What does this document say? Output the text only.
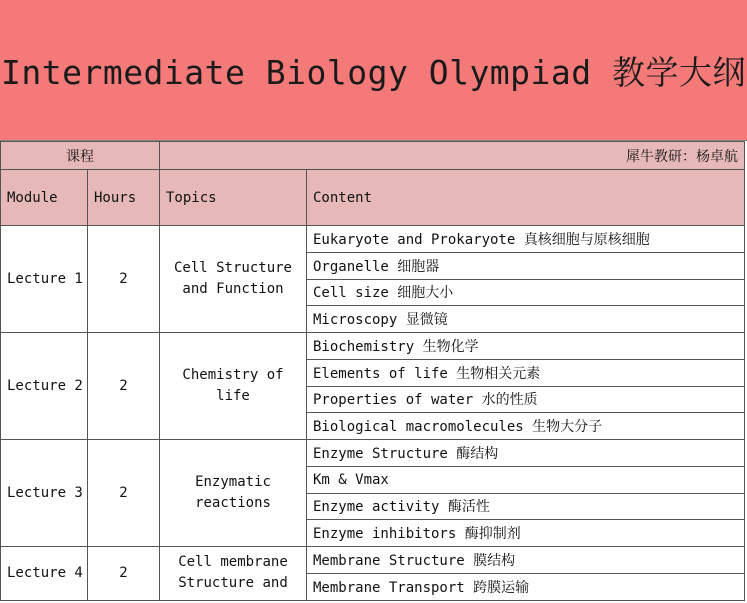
Intermediate Biology Olympiad 教学大纲
课程		犀牛教研：杨卓航	
Module	Hours	Topics	Content
Lecture 1	2	Cell Structure and Function	Eukaryote and Prokaryote 真核细胞与原核细胞
			Organelle 细胞器
			Cell size 细胞大小
			Microscopy 显微镜
Lecture 2	2	Chemistry of life	Biochemistry 生物化学
			Elements of life 生物相关元素
			Properties of water 水的性质
			Biological macromolecules 生物大分子
Lecture 3	2	Enzymatic reactions	Enzyme Structure 酶结构
			Km & Vmax
			Enzyme activity 酶活性
			Enzyme inhibitors 酶抑制剂
Lecture 4	2	Cell membrane Structure and	Membrane Structure 膜结构
			Membrane Transport 跨膜运输
